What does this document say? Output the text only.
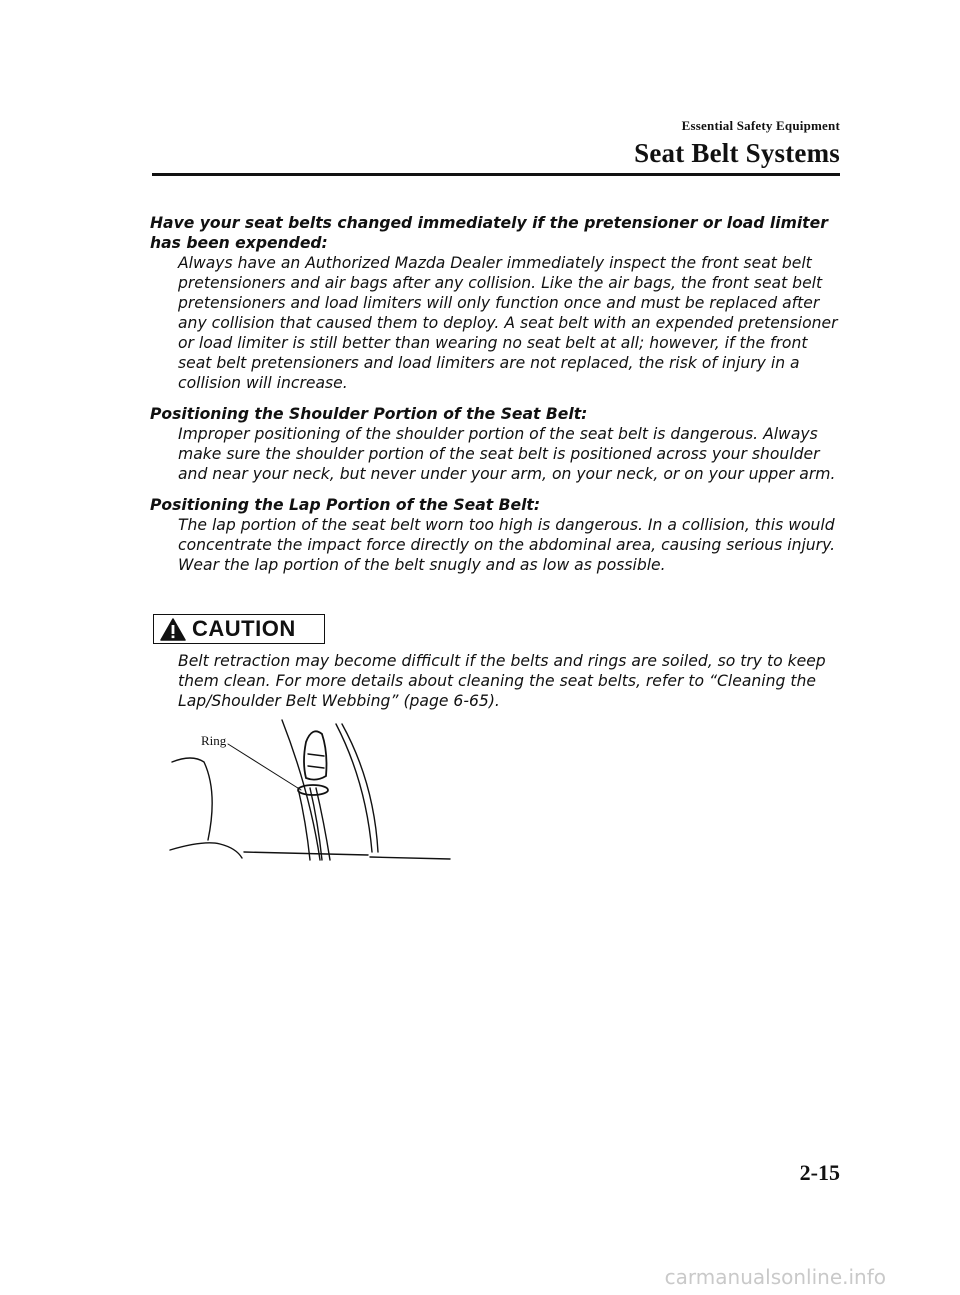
Essential Safety Equipment
Seat Belt Systems
Have your seat belts changed immediately if the pretensioner or load limiter has been expended:
Always have an Authorized Mazda Dealer immediately inspect the front seat belt pretensioners and air bags after any collision. Like the air bags, the front seat belt pretensioners and load limiters will only function once and must be replaced after any collision that caused them to deploy. A seat belt with an expended pretensioner or load limiter is still better than wearing no seat belt at all; however, if the front seat belt pretensioners and load limiters are not replaced, the risk of injury in a collision will increase.
Positioning the Shoulder Portion of the Seat Belt:
Improper positioning of the shoulder portion of the seat belt is dangerous. Always make sure the shoulder portion of the seat belt is positioned across your shoulder and near your neck, but never under your arm, on your neck, or on your upper arm.
Positioning the Lap Portion of the Seat Belt:
The lap portion of the seat belt worn too high is dangerous. In a collision, this would concentrate the impact force directly on the abdominal area, causing serious injury. Wear the lap portion of the belt snugly and as low as possible.
CAUTION
Belt retraction may become difficult if the belts and rings are soiled, so try to keep them clean. For more details about cleaning the seat belts, refer to “Cleaning the Lap/Shoulder Belt Webbing” (page 6-65).
Ring
2-15
carmanualsonline.info
